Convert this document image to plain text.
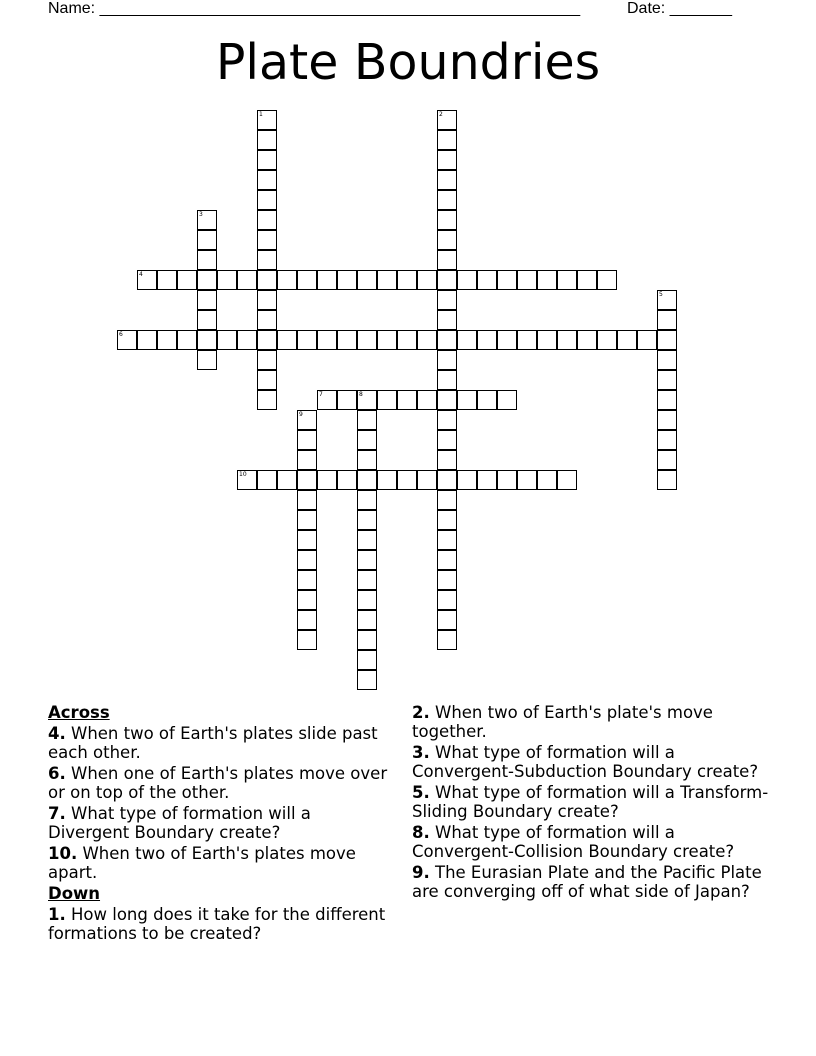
Name: ______________________________________________________	Date: _______
Plate Boundries
1	2
3
4
5
6
7	8
9
10
Across
4. When two of Earth's plates slide past each other.
6. When one of Earth's plates move over or on top of the other.
7. What type of formation will a Divergent Boundary create?
10. When two of Earth's plates move apart.
Down
1. How long does it take for the different formations to be created?
2. When two of Earth's plate's move together.
3. What type of formation will a Convergent-Subduction Boundary create?
5. What type of formation will a Transform-Sliding Boundary create?
8. What type of formation will a Convergent-Collision Boundary create?
9. The Eurasian Plate and the Pacific Plate are converging off of what side of Japan?
